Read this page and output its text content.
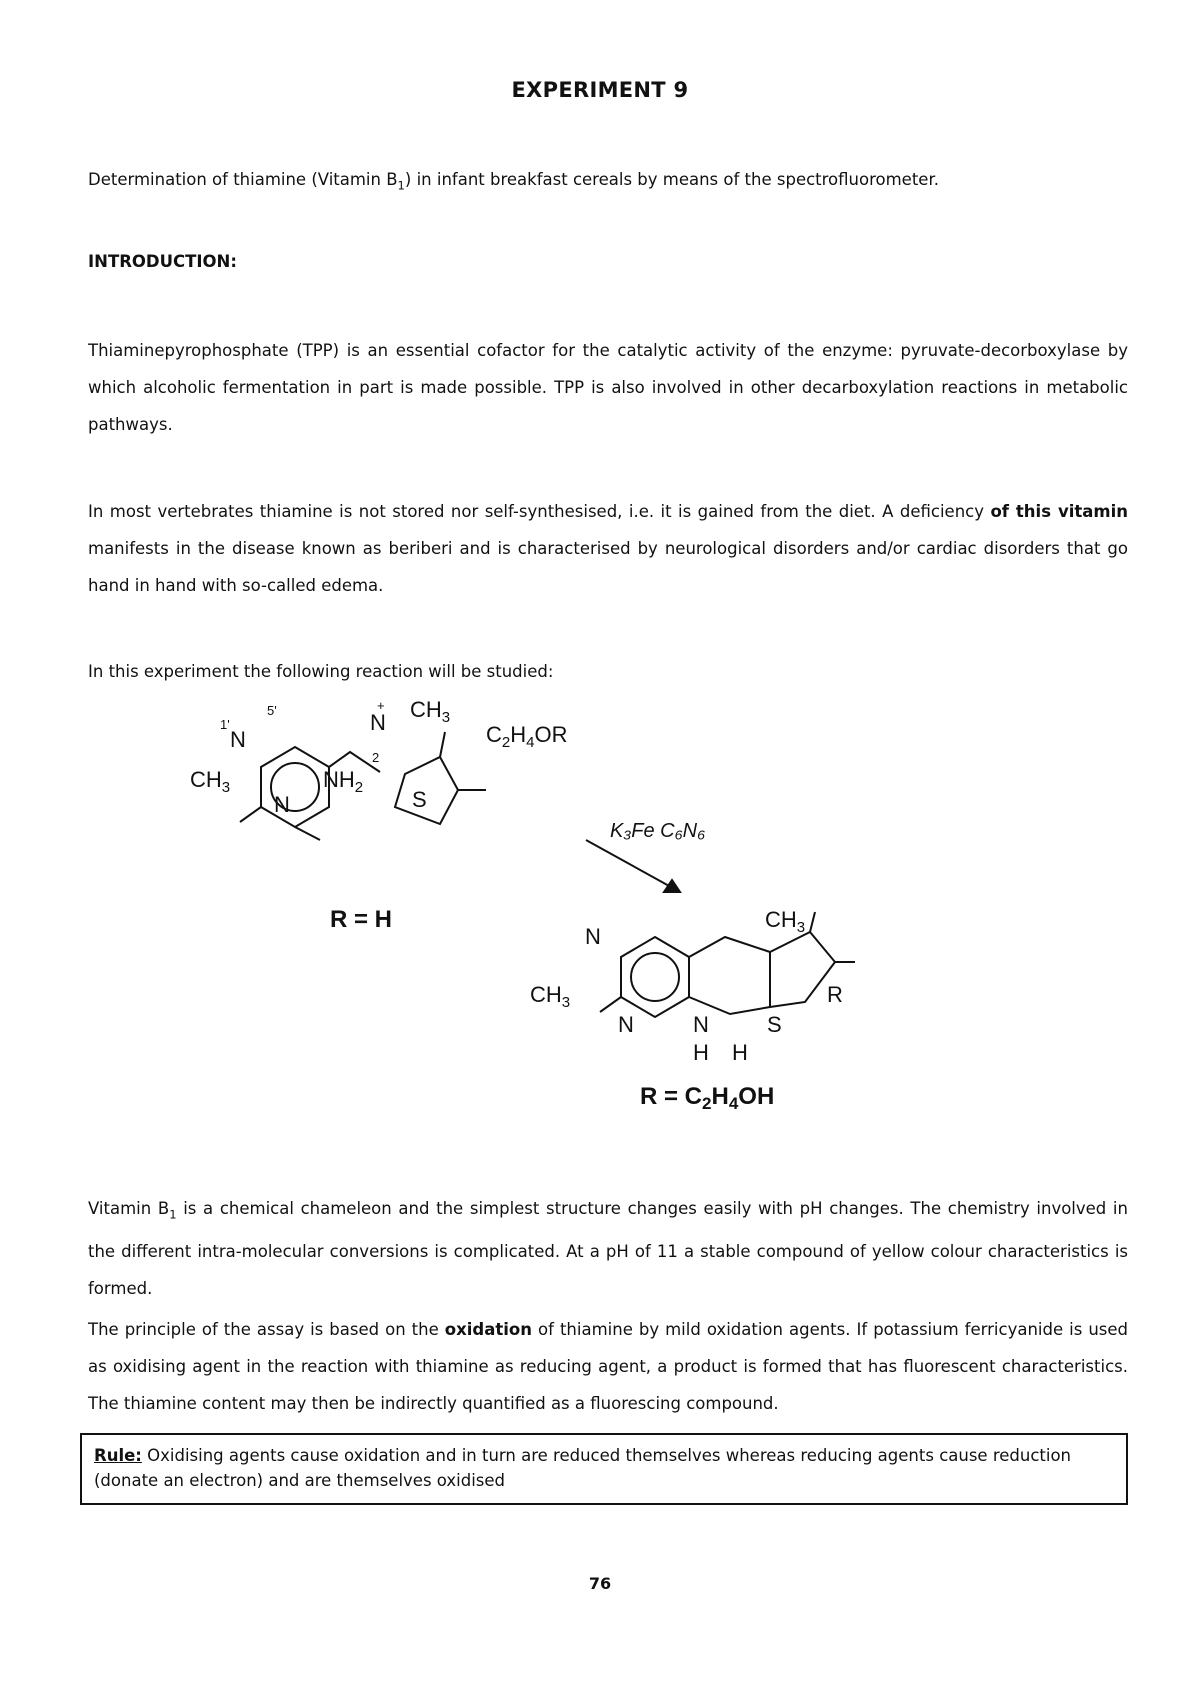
EXPERIMENT 9
Determination of thiamine (Vitamin $B_1$) in infant breakfast cereals by means of the spectrofluorometer.
INTRODUCTION:
Thiaminepyrophosphate (TPP) is an essential cofactor for the catalytic activity of the enzyme: pyruvate-decorboxylase by which alcoholic fermentation in part is made possible. TPP is also involved in other decarboxylation reactions in metabolic pathways.
In most vertebrates thiamine is not stored nor self-synthesised, i.e. it is gained from the diet. A deficiency of this vitamin manifests in the disease known as beriberi and is characterised by neurological disorders and/or cardiac disorders that go hand in hand with so-called edema.
In this experiment the following reaction will be studied:
1'
N
5'
$CH_3$
N
$NH_2$
$CH_3$
N
+
2
S
$C_2H_4OR$
R = H
K₃Fe C₆N₆
N
$CH_3$
N	N	S
H H
$CH_3$
R
$R = C_2H_4OH$
Vitamin $B_1$ is a chemical chameleon and the simplest structure changes easily with pH changes. The chemistry involved in the different intra-molecular conversions is complicated. At a pH of 11 a stable compound of yellow colour characteristics is formed.
The principle of the assay is based on the oxidation of thiamine by mild oxidation agents. If potassium ferricyanide is used as oxidising agent in the reaction with thiamine as reducing agent, a product is formed that has fluorescent characteristics. The thiamine content may then be indirectly quantified as a fluorescing compound.
Rule: Oxidising agents cause oxidation and in turn are reduced themselves whereas reducing agents cause reduction (donate an electron) and are themselves oxidised
76
